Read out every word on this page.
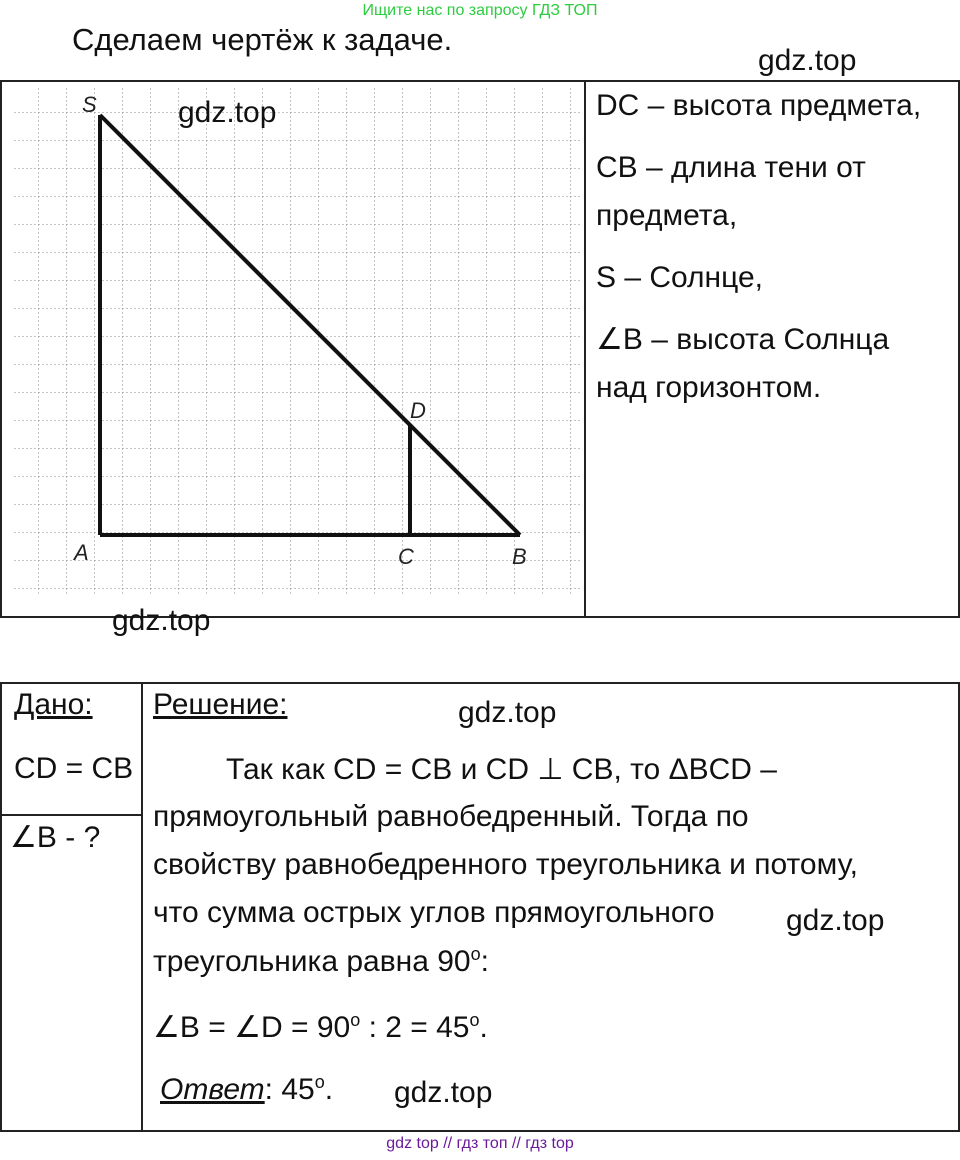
Ищите нас по запросу ГДЗ ТОП
Сделаем чертёж к задаче.
gdz.top
S
A	C	B
D
gdz.top	DC – высота предмета,

CB – длина тени от

предмета,

S – Солнце,

∠B – высота Солнца

над горизонтом.

gdz.top
Дано:
CD = CB
∠B - ?
Решение:	gdz.top
Так как CD = CB и CD ⊥ CB, то ΔBCD –
прямоугольный равнобедренный. Тогда по
свойству равнобедренного треугольника и потому,
что сумма острых углов прямоугольного gdz.top
треугольника равна $90^о$:
∠B = ∠D = $90^о$ : $2 = 45^о$.
Ответ: $45^о$. gdz.top
gdz top // гдз топ // гдз top
